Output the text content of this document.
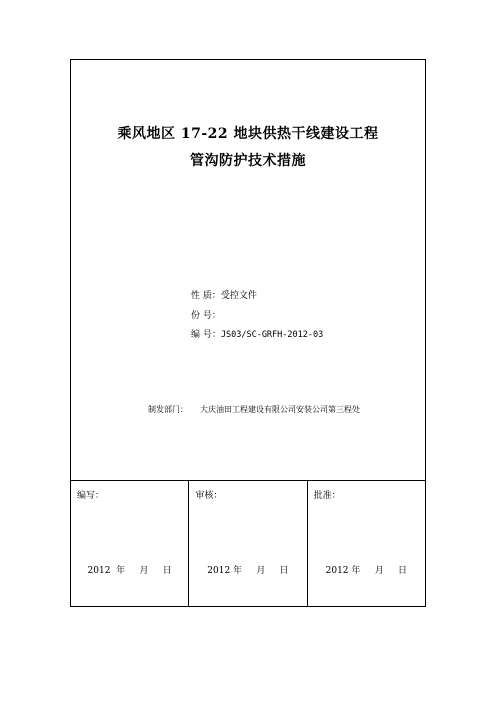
乘风地区 17-22 地块供热干线建设工程
管沟防护技术措施
性 质：受控文件
份 号：
编 号：JS03/SC-GRFH-2012-03
制发部门： 大庆油田工程建设有限公司安装公司第三程处
编写：
2012  年     月     日
审核：
2012 年     月     日
批准：
2012 年     月     日
